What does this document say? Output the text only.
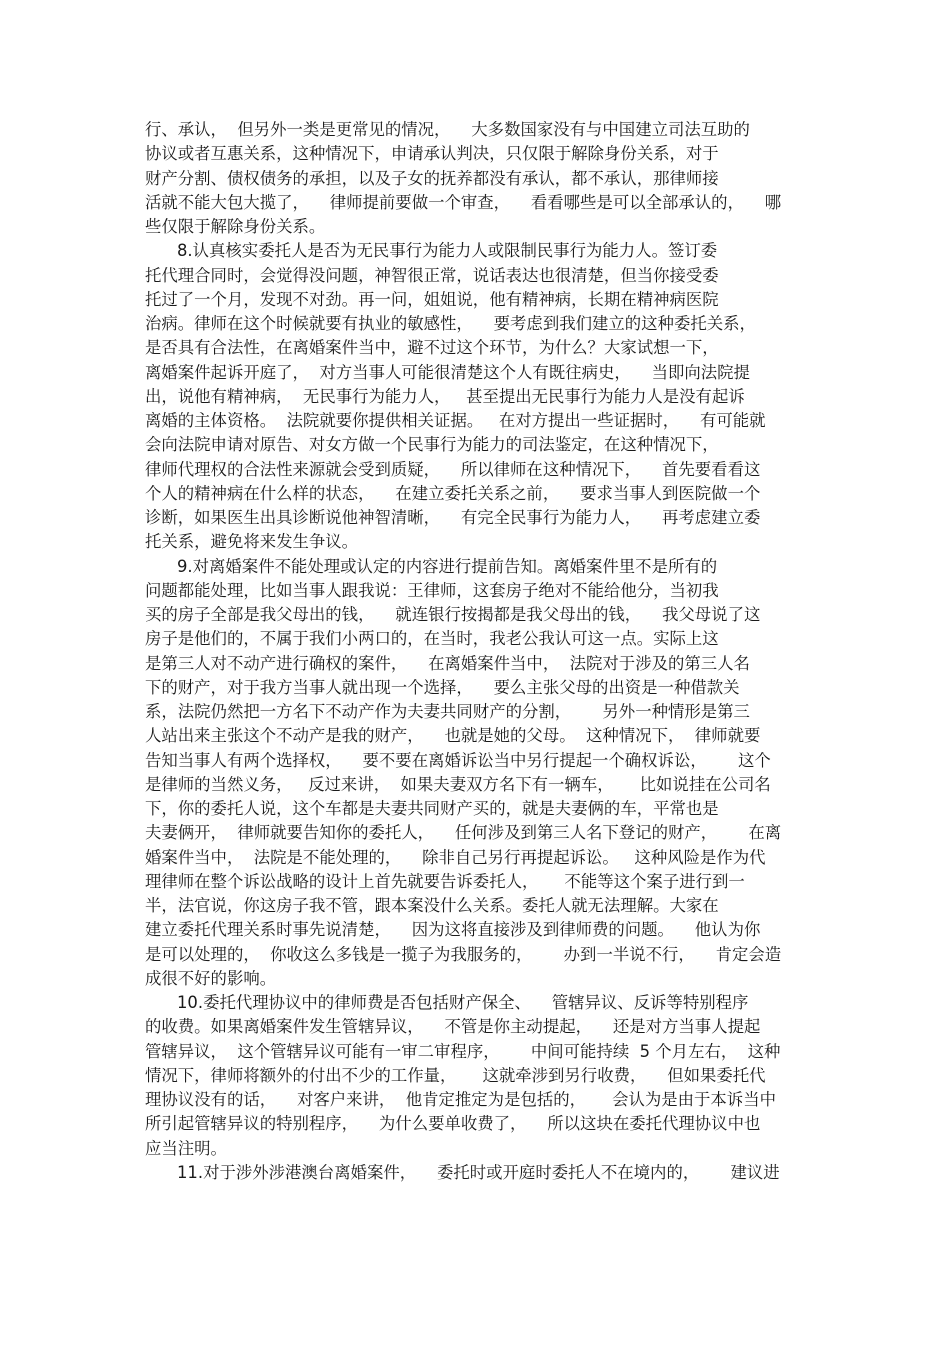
行、承认，  但另外一类是更常见的情况，    大多数国家没有与中国建立司法互助的
协议或者互惠关系，这种情况下，申请承认判决，只仅限于解除身份关系，对于
财产分割、债权债务的承担，以及子女的抚养都没有承认，都不承认，那律师接
活就不能大包大揽了，    律师提前要做一个审查，    看看哪些是可以全部承认的，    哪
些仅限于解除身份关系。
8.认真核实委托人是否为无民事行为能力人或限制民事行为能力人。签订委
托代理合同时，会觉得没问题，神智很正常，说话表达也很清楚，但当你接受委
托过了一个月，发现不对劲。再一问，姐姐说，他有精神病，长期在精神病医院
治病。律师在这个时候就要有执业的敏感性，    要考虑到我们建立的这种委托关系，
是否具有合法性，在离婚案件当中，避不过这个环节，为什么？大家试想一下，
离婚案件起诉开庭了，  对方当事人可能很清楚这个人有既往病史，    当即向法院提
出，说他有精神病，  无民事行为能力人，   甚至提出无民事行为能力人是没有起诉
离婚的主体资格。  法院就要你提供相关证据。   在对方提出一些证据时，    有可能就
会向法院申请对原告、对女方做一个民事行为能力的司法鉴定，在这种情况下，
律师代理权的合法性来源就会受到质疑，    所以律师在这种情况下，    首先要看看这
个人的精神病在什么样的状态，    在建立委托关系之前，    要求当事人到医院做一个
诊断，如果医生出具诊断说他神智清晰，    有完全民事行为能力人，    再考虑建立委
托关系，避免将来发生争议。
9.对离婚案件不能处理或认定的内容进行提前告知。离婚案件里不是所有的
问题都能处理，比如当事人跟我说：王律师，这套房子绝对不能给他分，当初我
买的房子全部是我父母出的钱，    就连银行按揭都是我父母出的钱，    我父母说了这
房子是他们的，不属于我们小两口的，在当时，我老公我认可这一点。实际上这
是第三人对不动产进行确权的案件，    在离婚案件当中，  法院对于涉及的第三人名
下的财产，对于我方当事人就出现一个选择，    要么主张父母的出资是一种借款关
系，法院仍然把一方名下不动产作为夫妻共同财产的分割，      另外一种情形是第三
人站出来主张这个不动产是我的财产，    也就是她的父母。  这种情况下，  律师就要
告知当事人有两个选择权，    要不要在离婚诉讼当中另行提起一个确权诉讼，      这个
是律师的当然义务，   反过来讲，  如果夫妻双方名下有一辆车，     比如说挂在公司名
下，你的委托人说，这个车都是夫妻共同财产买的，就是夫妻俩的车，平常也是
夫妻俩开，  律师就要告知你的委托人，    任何涉及到第三人名下登记的财产，      在离
婚案件当中，  法院是不能处理的，    除非自己另行再提起诉讼。   这种风险是作为代
理律师在整个诉讼战略的设计上首先就要告诉委托人，     不能等这个案子进行到一
半，法官说，你这房子我不管，跟本案没什么关系。委托人就无法理解。大家在
建立委托代理关系时事先说清楚，    因为这将直接涉及到律师费的问题。    他认为你
是可以处理的，  你收这么多钱是一揽子为我服务的，      办到一半说不行，    肯定会造
成很不好的影响。
10.委托代理协议中的律师费是否包括财产保全、    管辖异议、反诉等特别程序
的收费。如果离婚案件发生管辖异议，    不管是你主动提起，    还是对方当事人提起
管辖异议，  这个管辖异议可能有一审二审程序，      中间可能持续  5 个月左右，  这种
情况下，律师将额外的付出不少的工作量，     这就牵涉到另行收费，    但如果委托代
理协议没有的话，    对客户来讲，  他肯定推定为是包括的，     会认为是由于本诉当中
所引起管辖异议的特别程序，    为什么要单收费了，    所以这块在委托代理协议中也
应当注明。
11.对于涉外涉港澳台离婚案件，    委托时或开庭时委托人不在境内的，      建议进
